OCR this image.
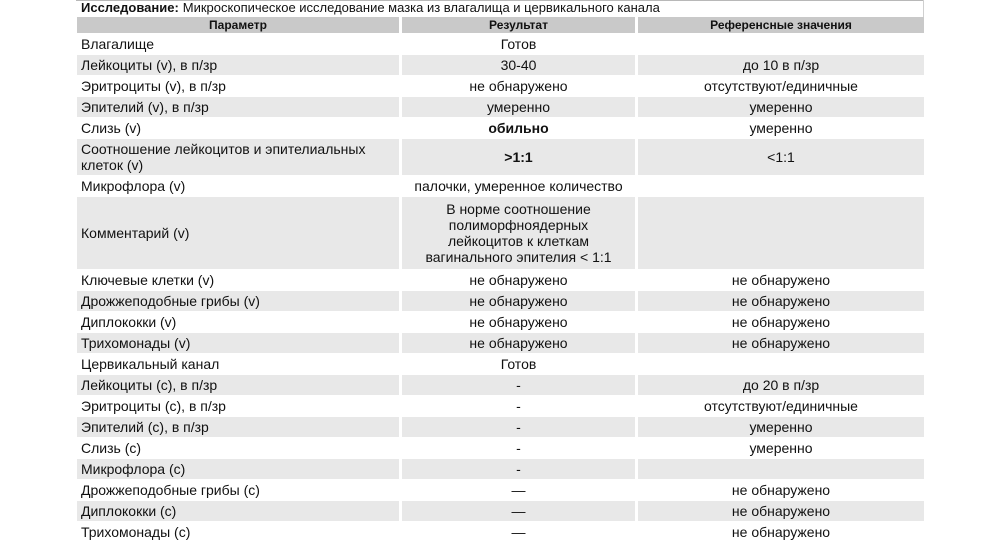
Исследование: Микроскопическое исследование мазка из влагалища и цервикального канала
Параметр	Результат	Референсные значения
Влагалище	Готов	
Лейкоциты (v), в п/зр	30-40	до 10 в п/зр
Эритроциты (v), в п/зр	не обнаружено	отсутствуют/единичные
Эпителий (v), в п/зр	умеренно	умеренно
Слизь (v)	обильно	умеренно
Соотношение лейкоцитов и эпителиальных
клеток (v)	>1:1	<1:1
Микрофлора (v)	палочки, умеренное количество	
Комментарий (v)	В норме соотношение
полиморфноядерных
лейкоцитов к клеткам
вагинального эпителия < 1:1	
Ключевые клетки (v)	не обнаружено	не обнаружено
Дрожжеподобные грибы (v)	не обнаружено	не обнаружено
Диплококки (v)	не обнаружено	не обнаружено
Трихомонады (v)	не обнаружено	не обнаружено
Цервикальный канал	Готов	
Лейкоциты (c), в п/зр	-	до 20 в п/зр
Эритроциты (c), в п/зр	-	отсутствуют/единичные
Эпителий (c), в п/зр	-	умеренно
Слизь (c)	-	умеренно
Микрофлора (c)	-	
Дрожжеподобные грибы (c)	—	не обнаружено
Диплококки (c)	—	не обнаружено
Трихомонады (c)	—	не обнаружено
